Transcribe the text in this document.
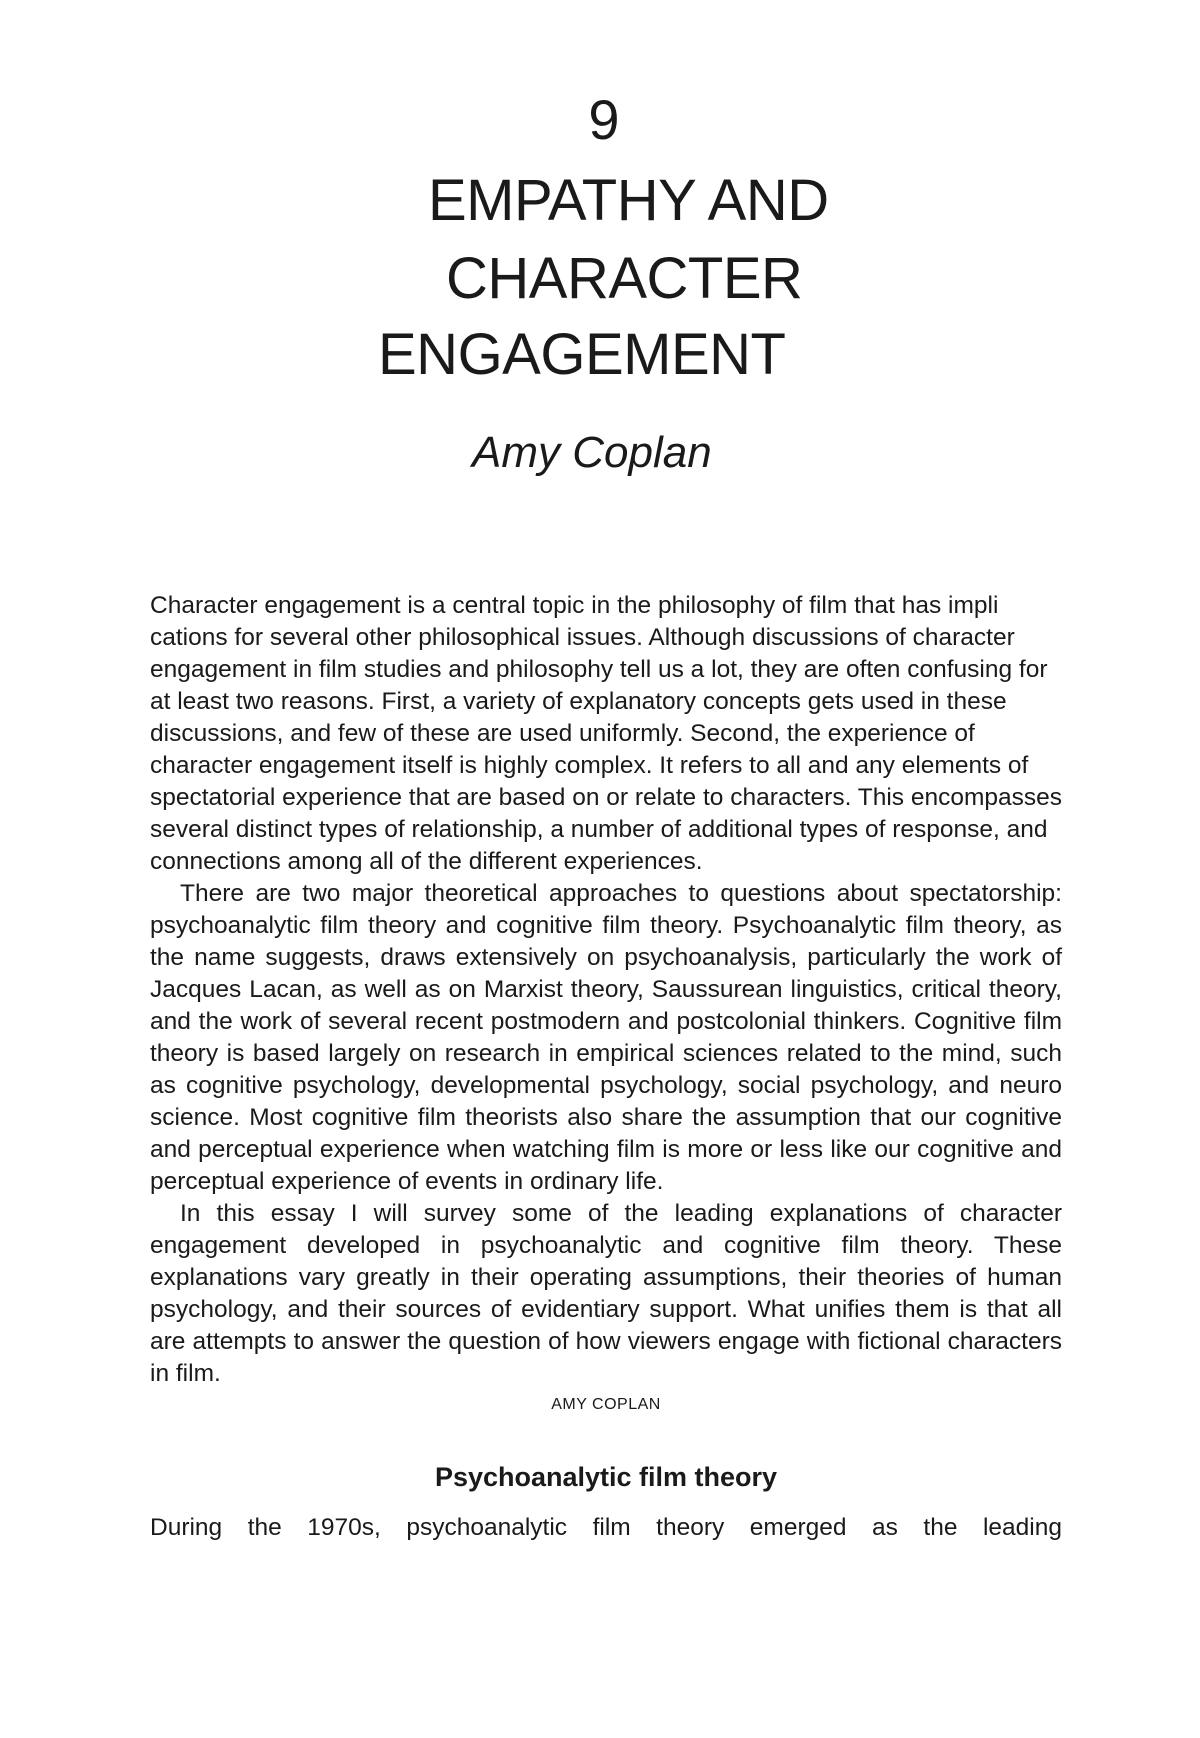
9
EMPATHY AND
CHARACTER
ENGAGEMENT
Amy Coplan

Character engagement is a central topic in the philosophy of film that has impli cations for several other philosophical issues. Although discussions of character engagement in film studies and philosophy tell us a lot, they are often confusing for at least two reasons. First, a variety of explanatory concepts gets used in these discussions, and few of these are used uniformly. Second, the experience of character engagement itself is highly complex. It refers to all and any elements of spectatorial experience that are based on or relate to characters. This encompasses several distinct types of relationship, a number of additional types of response, and connections among all of the different experiences.

There are two major theoretical approaches to questions about spectatorship: psychoanalytic film theory and cognitive film theory. Psychoanalytic film theory, as the name suggests, draws extensively on psychoanalysis, particularly the work of Jacques Lacan, as well as on Marxist theory, Saussurean linguistics, critical theory, and the work of several recent postmodern and postcolonial thinkers. Cognitive film theory is based largely on research in empirical sciences related to the mind, such as cognitive psychology, developmental psychology, social psychology, and neuro science. Most cognitive film theorists also share the assumption that our cognitive and perceptual experience when watching film is more or less like our cognitive and perceptual experience of events in ordinary life.

In this essay I will survey some of the leading explanations of character engagement developed in psychoanalytic and cognitive film theory. These explanations vary greatly in their operating assumptions, their theories of human psychology, and their sources of evidentiary support. What unifies them is that all are attempts to answer the question of how viewers engage with fictional characters in film.

AMY COPLAN
Psychoanalytic film theory

During the 1970s, psychoanalytic film theory emerged as the leading
